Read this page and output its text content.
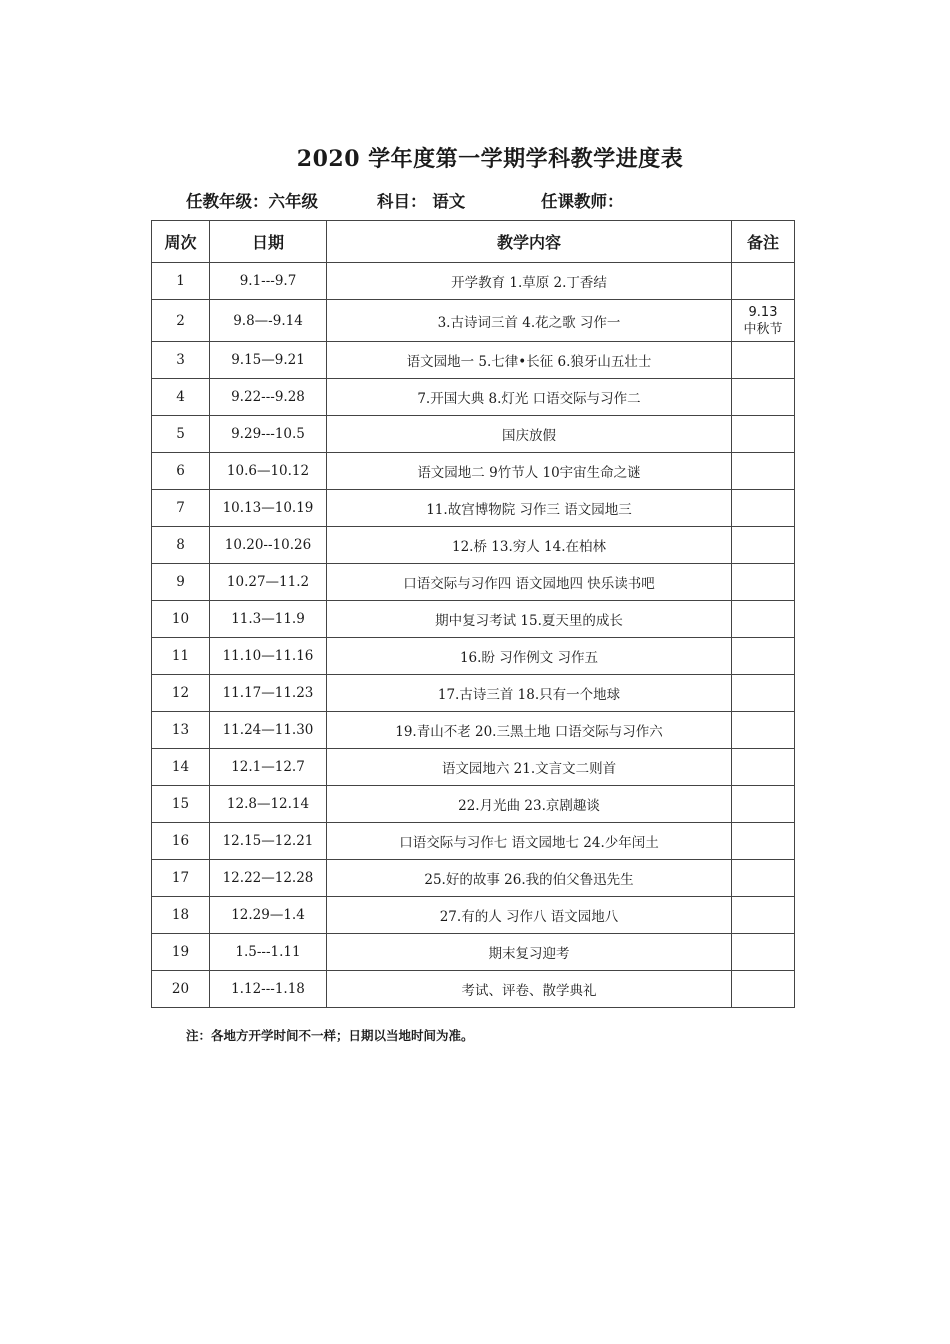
2020 学年度第一学期学科教学进度表
任教年级：六年级	科目： 语文	任课教师：
周次	日期	教学内容	备注
1	9.1---9.7	开学教育 1.草原 2.丁香结	
2	9.8—-9.14	3.古诗词三首 4.花之歌 习作一	9.13
中秋节
3	9.15—9.21	语文园地一 5.七律•长征 6.狼牙山五壮士	
4	9.22---9.28	7.开国大典 8.灯光 口语交际与习作二	
5	9.29---10.5	国庆放假	
6	10.6—10.12	语文园地二 9竹节人 10宇宙生命之谜	
7	10.13—10.19	11.故宫博物院 习作三 语文园地三	
8	10.20--10.26	12.桥 13.穷人 14.在柏林	
9	10.27—11.2	口语交际与习作四 语文园地四 快乐读书吧	
10	11.3—11.9	期中复习考试 15.夏天里的成长	
11	11.10—11.16	16.盼 习作例文 习作五	
12	11.17—11.23	17.古诗三首 18.只有一个地球	
13	11.24—11.30	19.青山不老 20.三黑土地 口语交际与习作六	
14	12.1—12.7	语文园地六 21.文言文二则首	
15	12.8—12.14	22.月光曲 23.京剧趣谈	
16	12.15—12.21	口语交际与习作七 语文园地七 24.少年闰土	
17	12.22—12.28	25.好的故事 26.我的伯父鲁迅先生	
18	12.29—1.4	27.有的人 习作八 语文园地八	
19	1.5---1.11	期末复习迎考	
20	1.12---1.18	考试、评卷、散学典礼	
注：各地方开学时间不一样；日期以当地时间为准。
